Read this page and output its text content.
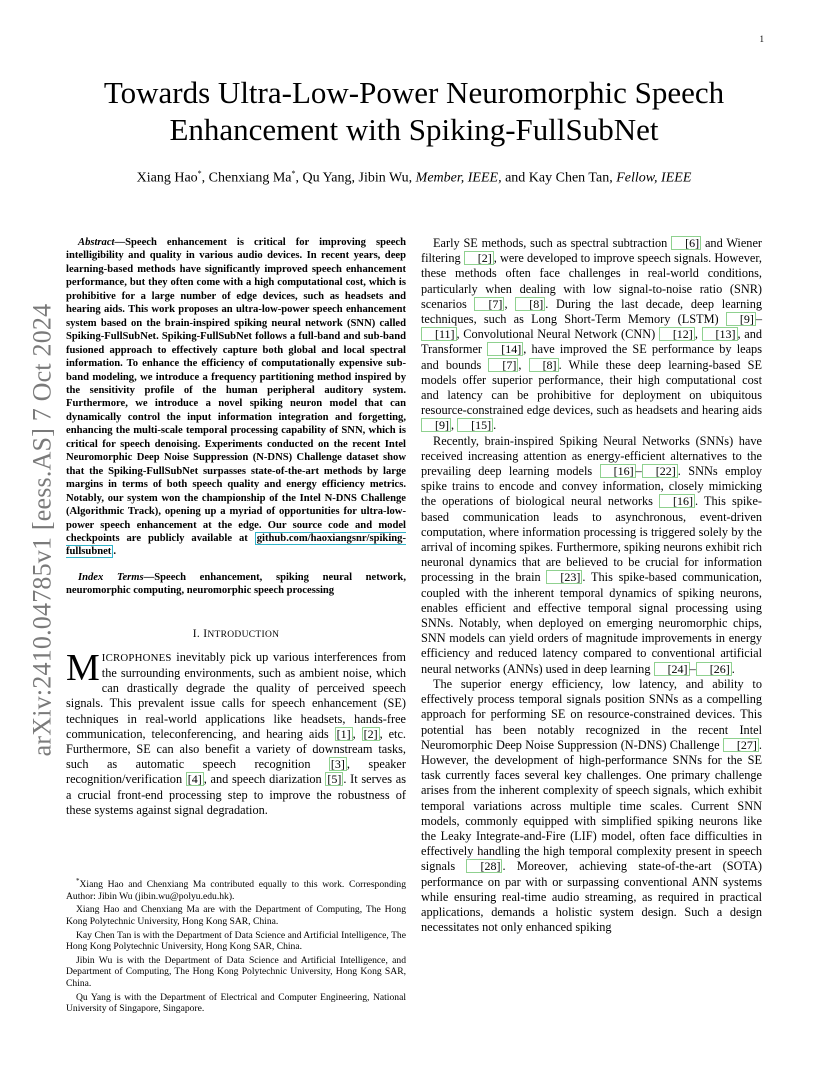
1
arXiv:2410.04785v1 [eess.AS] 7 Oct 2024
Towards Ultra-Low-Power Neuromorphic Speech
Enhancement with Spiking-FullSubNet
Xiang Hao*, Chenxiang Ma*, Qu Yang, Jibin Wu, Member, IEEE, and Kay Chen Tan, Fellow, IEEE

Abstract—Speech enhancement is critical for improving speech intelligibility and quality in various audio devices. In recent years, deep learning-based methods have significantly improved speech enhancement performance, but they often come with a high computational cost, which is prohibitive for a large number of edge devices, such as headsets and hearing aids. This work proposes an ultra-low-power speech enhancement system based on the brain-inspired spiking neural network (SNN) called Spiking-FullSubNet. Spiking-FullSubNet follows a full-band and sub-band fusioned approach to effectively capture both global and local spectral information. To enhance the efficiency of computationally expensive sub-band modeling, we introduce a frequency partitioning method inspired by the sensitivity profile of the human peripheral auditory system. Furthermore, we introduce a novel spiking neuron model that can dynamically control the input information integration and forgetting, enhancing the multi-scale temporal processing capability of SNN, which is critical for speech denoising. Experiments conducted on the recent Intel Neuromorphic Deep Noise Suppression (N-DNS) Challenge dataset show that the Spiking-FullSubNet surpasses state-of-the-art methods by large margins in terms of both speech quality and energy efficiency metrics. Notably, our system won the championship of the Intel N-DNS Challenge (Algorithmic Track), opening up a myriad of opportunities for ultra-low-power speech enhancement at the edge. Our source code and model checkpoints are publicly available at github.com/haoxiangsnr/spiking-fullsubnet .

Index Terms—Speech enhancement, spiking neural network, neuromorphic computing, neuromorphic speech processing

I. INTRODUCTION

MICROPHONES inevitably pick up various interferences from the surrounding environments, such as ambient noise, which can drastically degrade the quality of perceived speech signals. This prevalent issue calls for speech enhancement (SE) techniques in real-world applications like headsets, hands-free communication, teleconferencing, and hearing aids [1] , [2] , etc. Furthermore, SE can also benefit a variety of downstream tasks, such as automatic speech recognition [3] , speaker recognition/verification [4] , and speech diarization [5] . It serves as a crucial front-end processing step to improve the robustness of these systems against signal degradation.

*Xiang Hao and Chenxiang Ma contributed equally to this work. Corresponding Author: Jibin Wu (jibin.wu@polyu.edu.hk).

Xiang Hao and Chenxiang Ma are with the Department of Computing, The Hong Kong Polytechnic University, Hong Kong SAR, China.

Kay Chen Tan is with the Department of Data Science and Artificial Intelligence, The Hong Kong Polytechnic University, Hong Kong SAR, China.

Jibin Wu is with the Department of Data Science and Artificial Intelligence, and Department of Computing, The Hong Kong Polytechnic University, Hong Kong SAR, China.

Qu Yang is with the Department of Electrical and Computer Engineering, National University of Singapore, Singapore.

Early SE methods, such as spectral subtraction [6] and Wiener filtering [2] , were developed to improve speech signals. However, these methods often face challenges in real-world conditions, particularly when dealing with low signal-to-noise ratio (SNR) scenarios [7] , [8] . During the last decade, deep learning techniques, such as Long Short-Term Memory (LSTM) [9] –[11] , Convolutional Neural Network (CNN) [12] , [13] , and Transformer [14] , have improved the SE performance by leaps and bounds [7] , [8] . While these deep learning-based SE models offer superior performance, their high computational cost and latency can be prohibitive for deployment on ubiquitous resource-constrained edge devices, such as headsets and hearing aids [9] , [15] .

Recently, brain-inspired Spiking Neural Networks (SNNs) have received increasing attention as energy-efficient alternatives to the prevailing deep learning models [16] – [22] . SNNs employ spike trains to encode and convey information, closely mimicking the operations of biological neural networks [16] . This spike-based communication leads to asynchronous, event-driven computation, where information processing is triggered solely by the arrival of incoming spikes. Furthermore, spiking neurons exhibit rich neuronal dynamics that are believed to be crucial for information processing in the brain [23] . This spike-based communication, coupled with the inherent temporal dynamics of spiking neurons, enables efficient and effective temporal signal processing using SNNs. Notably, when deployed on emerging neuromorphic chips, SNN models can yield orders of magnitude improvements in energy efficiency and reduced latency compared to conventional artificial neural networks (ANNs) used in deep learning [24] – [26] .

The superior energy efficiency, low latency, and ability to effectively process temporal signals position SNNs as a compelling approach for performing SE on resource-constrained devices. This potential has been notably recognized in the recent Intel Neuromorphic Deep Noise Suppression (N-DNS) Challenge [27] . However, the development of high-performance SNNs for the SE task currently faces several key challenges. One primary challenge arises from the inherent complexity of speech signals, which exhibit temporal variations across multiple time scales. Current SNN models, commonly equipped with simplified spiking neurons like the Leaky Integrate-and-Fire (LIF) model, often face difficulties in effectively handling the high temporal complexity present in speech signals [28] . Moreover, achieving state-of-the-art (SOTA) performance on par with or surpassing conventional ANN systems while ensuring real-time audio streaming, as required in practical applications, demands a holistic system design. Such a design necessitates not only enhanced spiking
